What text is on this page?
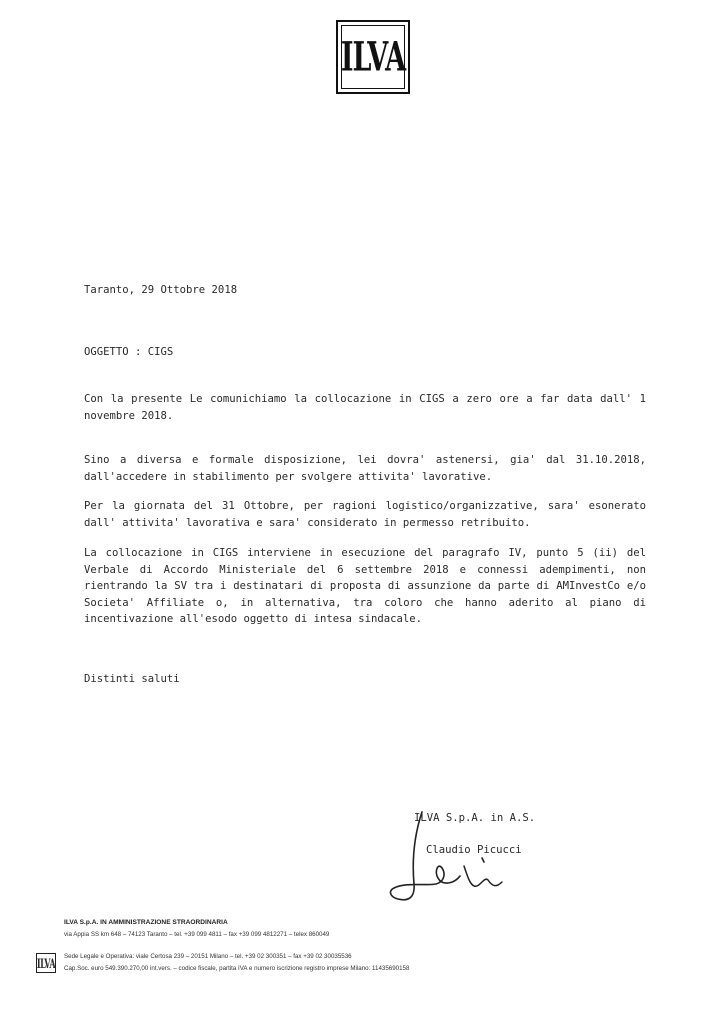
ILVA
Taranto, 29 Ottobre 2018
OGGETTO : CIGS
Con la presente Le comunichiamo la collocazione in CIGS a zero ore a far data dall' 1 novembre 2018.
Sino a diversa e formale disposizione, lei dovra' astenersi, gia' dal 31.10.2018, dall'accedere in stabilimento per svolgere attivita' lavorative.
Per la giornata del 31 Ottobre, per ragioni logistico/organizzative, sara' esonerato dall' attivita' lavorativa e sara' considerato in permesso retribuito.
La collocazione in CIGS interviene in esecuzione del paragrafo IV, punto 5 (ii) del Verbale di Accordo Ministeriale del 6 settembre 2018 e connessi adempimenti, non rientrando la SV tra i destinatari di proposta di assunzione da parte di AMInvestCo e/o Societa' Affiliate o, in alternativa, tra coloro che hanno aderito al piano di incentivazione all'esodo oggetto di intesa sindacale.
Distinti saluti
ILVA S.p.A. in A.S.
Claudio Picucci
ILVA S.p.A. IN AMMINISTRAZIONE STRAORDINARIA
via Appia SS km 648 – 74123 Taranto – tel. +39 099 4811 – fax +39 099 4812271 – telex 860049
ILVA Sede Legale e Operativa: viale Certosa 239 – 20151 Milano – tel. +39 02 300351 – fax +39 02 30035536
Cap.Soc. euro 549.390.270,00 int.vers. – codice fiscale, partita IVA e numero iscrizione registro imprese Milano: 11435690158
